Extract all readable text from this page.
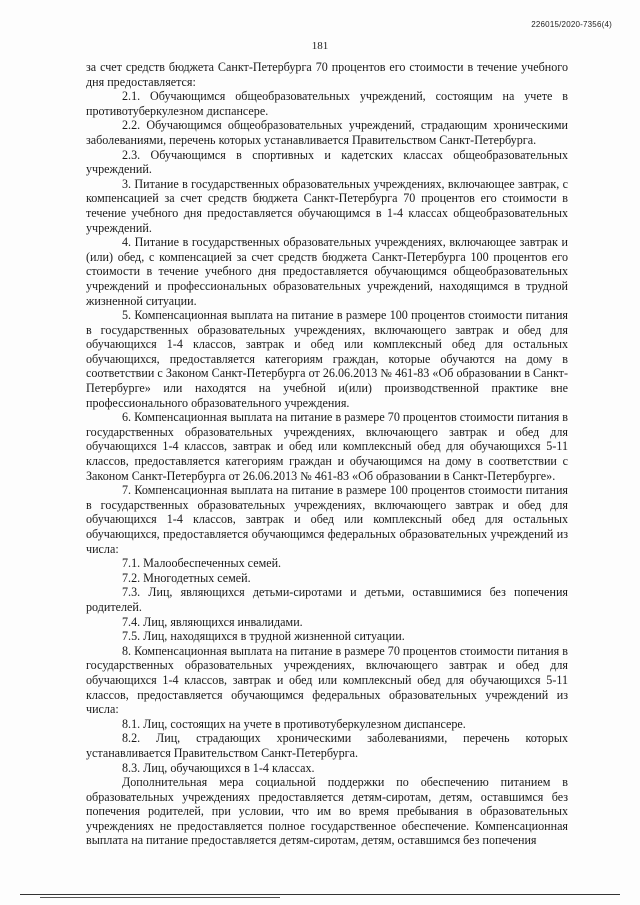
226015/2020-7356(4)
181

за счет средств бюджета Санкт-Петербурга 70 процентов его стоимости в течение учебного дня предоставляется:

2.1. Обучающимся общеобразовательных учреждений, состоящим на учете в противотуберкулезном диспансере.

2.2. Обучающимся общеобразовательных учреждений, страдающим хроническими заболеваниями, перечень которых устанавливается Правительством Санкт-Петербурга.

2.3. Обучающимся в спортивных и кадетских классах общеобразовательных учреждений.

3. Питание в государственных образовательных учреждениях, включающее завтрак, с компенсацией за счет средств бюджета Санкт-Петербурга 70 процентов его стоимости в течение учебного дня предоставляется обучающимся в 1-4 классах общеобразовательных учреждений.

4. Питание в государственных образовательных учреждениях, включающее завтрак и (или) обед, с компенсацией за счет средств бюджета Санкт-Петербурга 100 процентов его стоимости в течение учебного дня предоставляется обучающимся общеобразовательных учреждений и профессиональных образовательных учреждений, находящимся в трудной жизненной ситуации.

5. Компенсационная выплата на питание в размере 100 процентов стоимости питания в государственных образовательных учреждениях, включающего завтрак и обед для обучающихся 1-4 классов, завтрак и обед или комплексный обед для остальных обучающихся, предоставляется категориям граждан, которые обучаются на дому в соответствии с Законом Санкт-Петербурга от 26.06.2013 № 461-83 «Об образовании в Санкт-Петербурге» или находятся на учебной и(или) производственной практике вне профессионального образовательного учреждения.

6. Компенсационная выплата на питание в размере 70 процентов стоимости питания в государственных образовательных учреждениях, включающего завтрак и обед для обучающихся 1-4 классов, завтрак и обед или комплексный обед для обучающихся 5-11 классов, предоставляется категориям граждан и обучающимся на дому в соответствии с Законом Санкт-Петербурга от 26.06.2013 № 461-83 «Об образовании в Санкт-Петербурге».

7. Компенсационная выплата на питание в размере 100 процентов стоимости питания в государственных образовательных учреждениях, включающего завтрак и обед для обучающихся 1-4 классов, завтрак и обед или комплексный обед для остальных обучающихся, предоставляется обучающимся федеральных образовательных учреждений из числа:

7.1. Малообеспеченных семей.

7.2. Многодетных семей.

7.3. Лиц, являющихся детьми-сиротами и детьми, оставшимися без попечения родителей.

7.4. Лиц, являющихся инвалидами.

7.5. Лиц, находящихся в трудной жизненной ситуации.

8. Компенсационная выплата на питание в размере 70 процентов стоимости питания в государственных образовательных учреждениях, включающего завтрак и обед для обучающихся 1-4 классов, завтрак и обед или комплексный обед для обучающихся 5-11 классов, предоставляется обучающимся федеральных образовательных учреждений из числа:

8.1. Лиц, состоящих на учете в противотуберкулезном диспансере.

8.2. Лиц, страдающих хроническими заболеваниями, перечень которых устанавливается Правительством Санкт-Петербурга.

8.3. Лиц, обучающихся в 1-4 классах.

Дополнительная мера социальной поддержки по обеспечению питанием в образовательных учреждениях предоставляется детям-сиротам, детям, оставшимся без попечения родителей, при условии, что им во время пребывания в образовательных учреждениях не предоставляется полное государственное обеспечение. Компенсационная выплата на питание предоставляется детям-сиротам, детям, оставшимся без попечения
